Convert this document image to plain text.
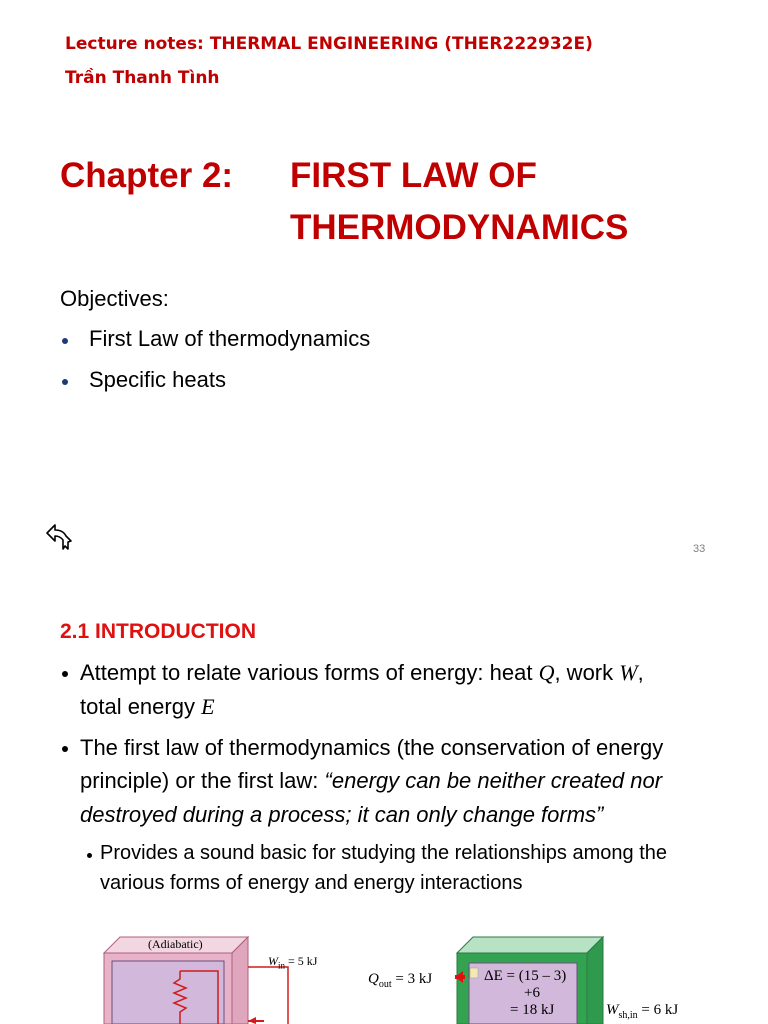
Lecture notes: THERMAL ENGINEERING (THER222932E)
Trần Thanh Tình
Chapter 2: FIRST LAW OF
THERMODYNAMICS
Objectives:
First Law of thermodynamics
Specific heats
33
2.1 INTRODUCTION
Attempt to relate various forms of energy: heat Q, work W,
total energy E
The first law of thermodynamics (the conservation of energy
principle) or the first law: “energy can be neither created nor
destroyed during a process; it can only change forms”
Provides a sound basic for studying the relationships among the
various forms of energy and energy interactions
(Adiabatic)
$W_{in} = 5$ kJ
$Q_{out} = 3$ kJ	ΔE = (15 – 3)
+6
= 18 kJ	$W_{sh,in} = 6$ kJ
